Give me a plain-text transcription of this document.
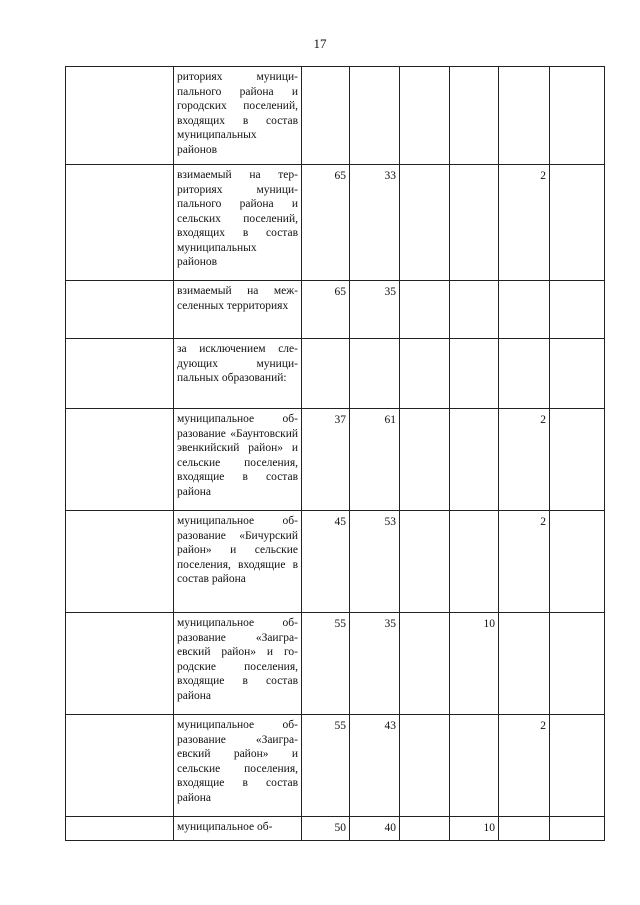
17

	риториях муниципального района и городских поселений, входящих в состав муниципальных районов						

	взимаемый на территориях муниципального района и сельских поселений, входящих в состав муниципальных районов	65	33			2	

	взимаемый на межселенных территориях	65	35				

	за исключением следующих муниципальных образований:						

	муниципальное образование «Баунтовский эвенкийский район» и сельские поселения, входящие в состав района	37	61			2	

	муниципальное образование «Бичурский район» и сельские поселения, входящие в состав района	45	53			2	

	муниципальное образование «Заиграевский район» и городские поселения, входящие в состав района	55	35		10		

	муниципальное образование «Заиграевский район» и сельские поселения, входящие в состав района	55	43			2	

	муниципальное об-	50	40		10		
